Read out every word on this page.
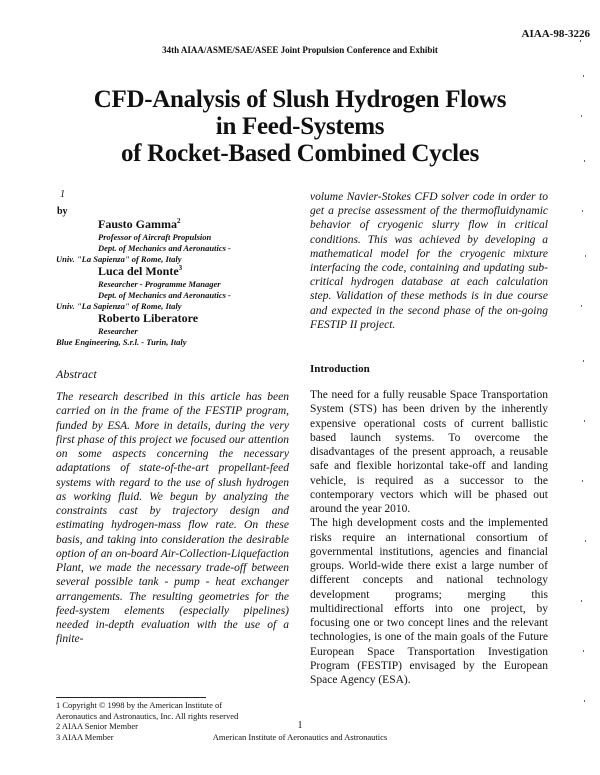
AIAA-98-3226
34th AIAA/ASME/SAE/ASEE Joint Propulsion Conference and Exhibit
CFD-Analysis of Slush Hydrogen Flows
in Feed-Systems
of Rocket-Based Combined Cycles
1
by
Fausto Gamma$^2$
Professor of Aircraft Propulsion
Dept. of Mechanics and Aeronautics -
Univ. "La Sapienza" of Rome, Italy
Luca del Monte$^3$
Researcher - Programme Manager
Dept. of Mechanics and Aeronautics -
Univ. "La Sapienza" of Rome, Italy
Roberto Liberatore
Researcher
Blue Engineering, S.r.l. - Turin, Italy
Abstract
The research described in this article has been carried on in the frame of the FESTIP program, funded by ESA. More in details, during the very first phase of this project we focused our attention on some aspects concerning the necessary adaptations of state-of-the-art propellant-feed systems with regard to the use of slush hydrogen as working fluid. We begun by analyzing the constraints cast by trajectory design and estimating hydrogen-mass flow rate. On these basis, and taking into consideration the desirable option of an on-board Air-Collection-Liquefaction Plant, we made the necessary trade-off between several possible tank - pump - heat exchanger arrangements. The resulting geometries for the feed-system elements (especially pipelines) needed in-depth evaluation with the use of a finite-
volume Navier-Stokes CFD solver code in order to get a precise assessment of the thermofluidynamic behavior of cryogenic slurry flow in critical conditions. This was achieved by developing a mathematical model for the cryogenic mixture interfacing the code, containing and updating sub-critical hydrogen database at each calculation step. Validation of these methods is in due course and expected in the second phase of the on-going FESTIP II project.
Introduction

The need for a fully reusable Space Transportation System (STS) has been driven by the inherently expensive operational costs of current ballistic based launch systems. To overcome the disadvantages of the present approach, a reusable safe and flexible horizontal take-off and landing vehicle, is required as a successor to the contemporary vectors which will be phased out around the year 2010.

The high development costs and the implemented risks require an international consortium of governmental institutions, agencies and financial groups. World-wide there exist a large number of different concepts and national technology development programs; merging this multidirectional efforts into one project, by focusing one or two concept lines and the relevant technologies, is one of the main goals of the Future European Space Transportation Investigation Program (FESTIP) envisaged by the European Space Agency (ESA).

1 Copyright © 1998 by the American Institute of
Aeronautics and Astronautics, Inc. All rights reserved
2 AIAA Senior Member
3 AIAA Member
1
American Institute of Aeronautics and Astronautics
